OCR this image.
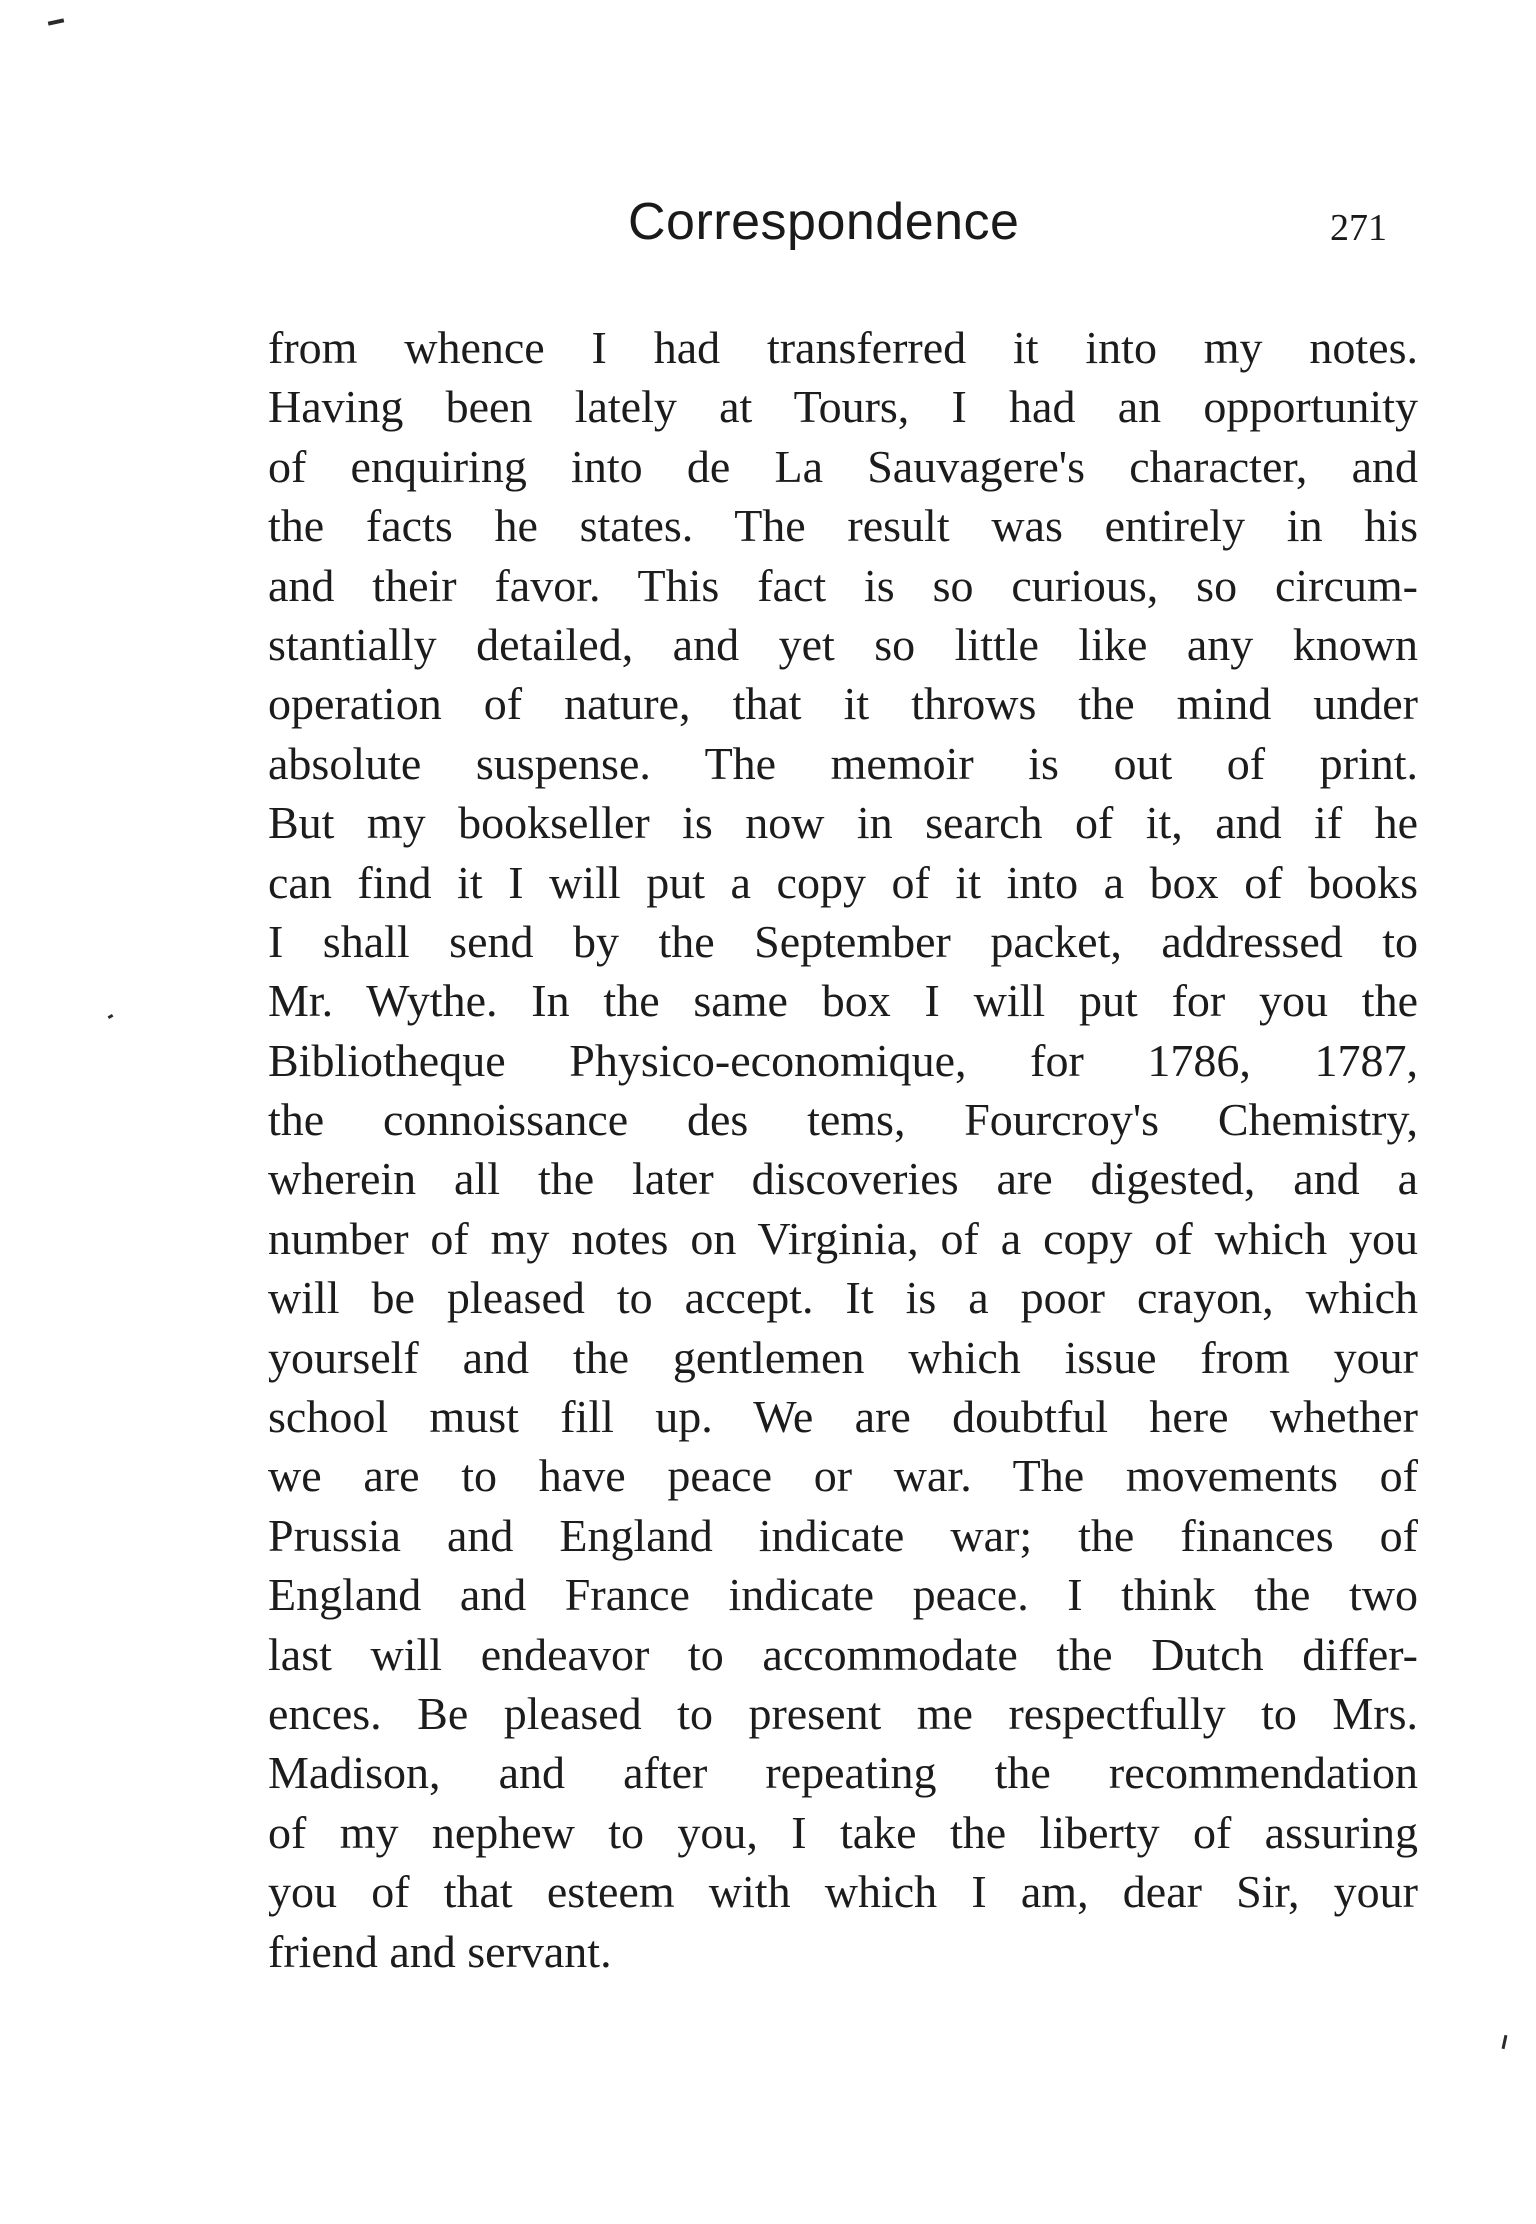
Correspondence	271
from whence I had transferred it into my notes.
Having been lately at Tours, I had an opportunity
of enquiring into de La Sauvagere's character, and
the facts he states. The result was entirely in his
and their favor. This fact is so curious, so circum-
stantially detailed, and yet so little like any known
operation of nature, that it throws the mind under
absolute suspense. The memoir is out of print.
But my bookseller is now in search of it, and if he
can find it I will put a copy of it into a box of books
I shall send by the September packet, addressed to
Mr. Wythe. In the same box I will put for you the
Bibliotheque Physico-economique, for 1786, 1787,
the connoissance des tems, Fourcroy's Chemistry,
wherein all the later discoveries are digested, and a
number of my notes on Virginia, of a copy of which you
will be pleased to accept. It is a poor crayon, which
yourself and the gentlemen which issue from your
school must fill up. We are doubtful here whether
we are to have peace or war. The movements of
Prussia and England indicate war; the finances of
England and France indicate peace. I think the two
last will endeavor to accommodate the Dutch differ-
ences. Be pleased to present me respectfully to Mrs.
Madison, and after repeating the recommendation
of my nephew to you, I take the liberty of assuring
you of that esteem with which I am, dear Sir, your
friend and servant.
